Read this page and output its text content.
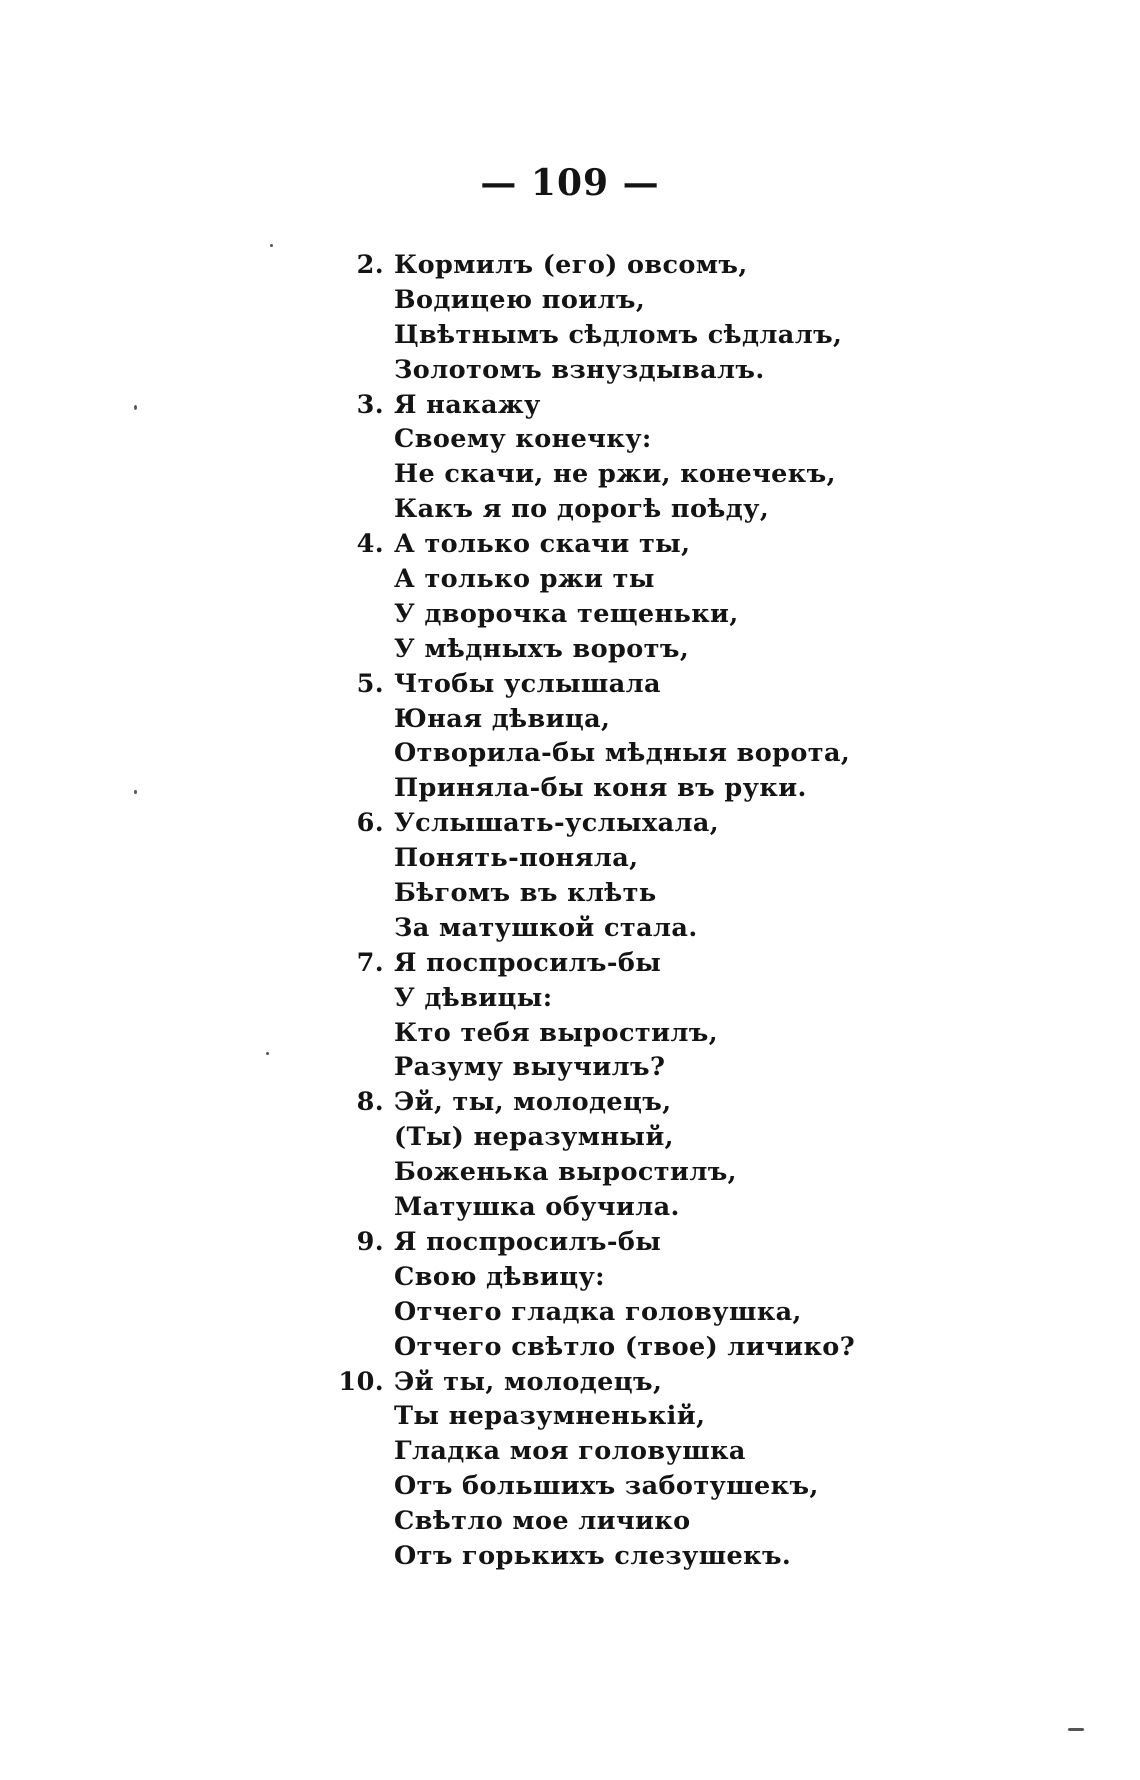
— 109 —
2. Кормилъ (его) овсомъ,
Водицею поилъ,
Цвѣтнымъ сѣдломъ сѣдлалъ,
Золотомъ взнуздывалъ.
3. Я накажу
Своему конечку:
Не скачи, не ржи, конечекъ,
Какъ я по дорогѣ поѣду,
4. А только скачи ты,
А только ржи ты
У дворочка тещеньки,
У мѣдныхъ воротъ,
5. Чтобы услышала
Юная дѣвица,
Отворила-бы мѣдныя ворота,
Приняла-бы коня въ руки.
6. Услышать-услыхала,
Понять-поняла,
Бѣгомъ въ клѣть
За матушкой стала.
7. Я поспросилъ-бы
У дѣвицы:
Кто тебя выростилъ,
Разуму выучилъ?
8. Эй, ты, молодецъ,
(Ты) неразумный,
Боженька выростилъ,
Матушка обучила.
9. Я поспросилъ-бы
Свою дѣвицу:
Отчего гладка головушка,
Отчего свѣтло (твое) личико?
10. Эй ты, молодецъ,
Ты неразумненькій,
Гладка моя головушка
Отъ большихъ заботушекъ,
Свѣтло мое личико
Отъ горькихъ слезушекъ.
